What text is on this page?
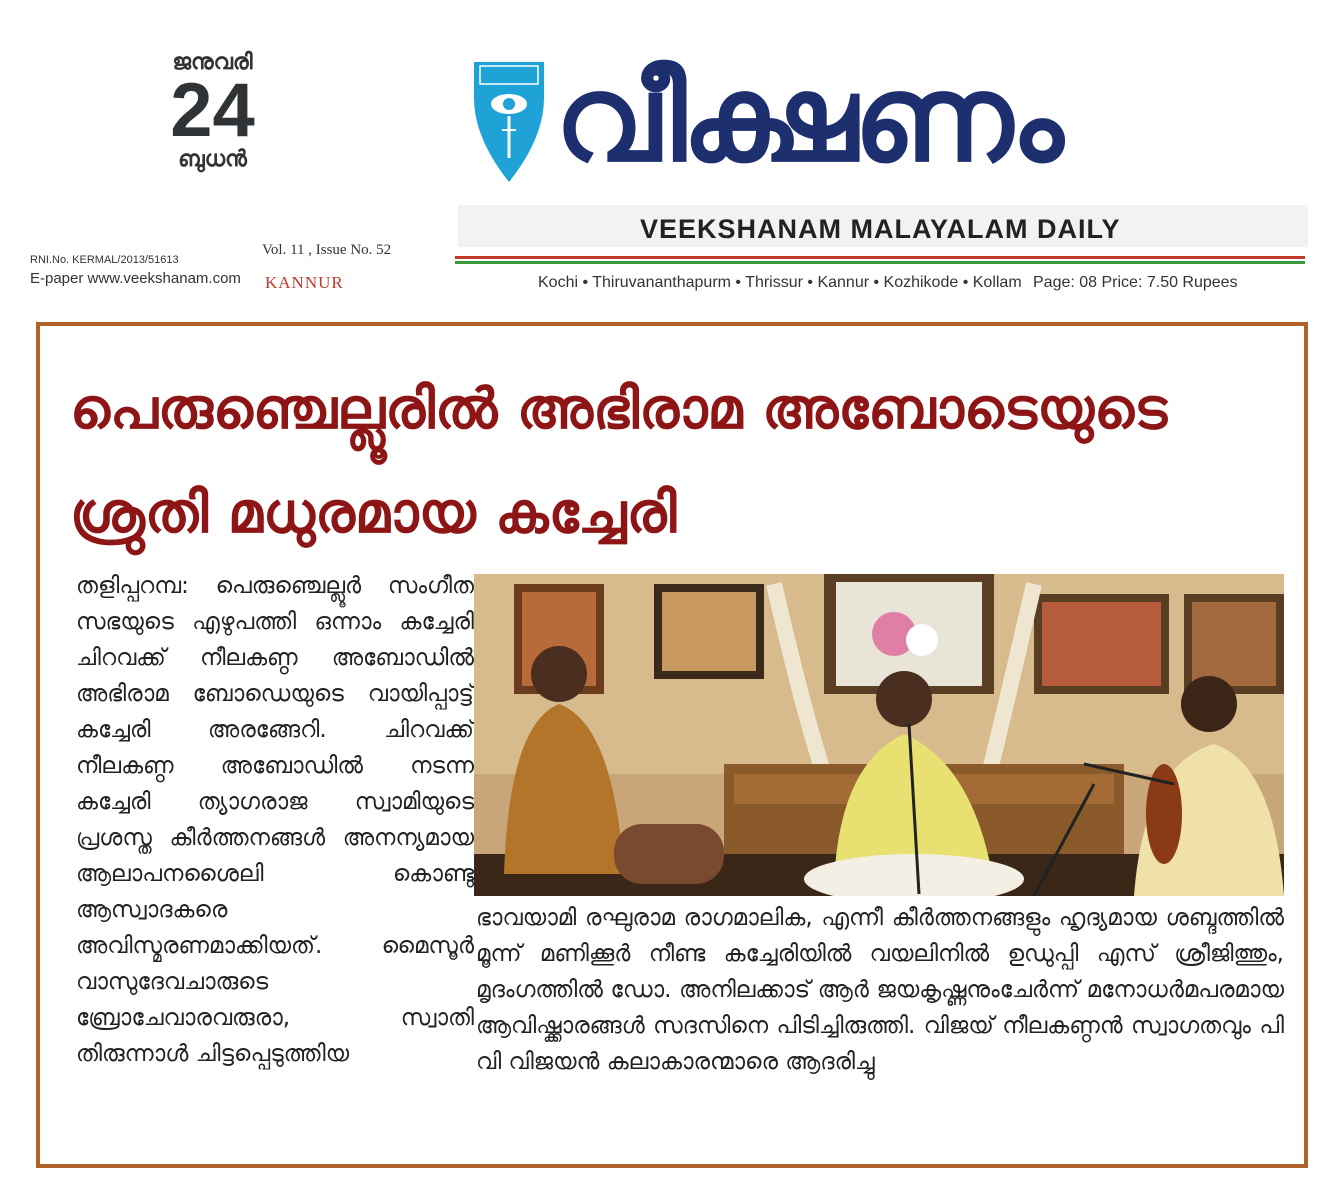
ജനുവരി
24
ബുധൻ
RNI.No. KERMAL/2013/51613
E-paper www.veekshanam.com
Vol. 11 , Issue No. 52
KANNUR
വീക്ഷണം
VEEKSHANAM MALAYALAM DAILY
Kochi • Thiruvananthapurm • Thrissur • Kannur • Kozhikode • Kollam Page: 08 Price: 7.50 Rupees
പെരുഞ്ചെല്ലൂരിൽ അഭിരാമ അബോടെയുടെ
ശ്രുതി മധുരമായ കച്ചേരി
തളിപ്പറമ്പ: പെരുഞ്ചെല്ലൂർ സംഗീത സഭയുടെ എഴുപത്തി ഒന്നാം കച്ചേരി ചിറവക്ക് നീലകണ്ഠ അബോഡിൽ അഭിരാമ ബോഡെയുടെ വായിപ്പാട്ട് കച്ചേരി അരങ്ങേറി. ചിറവക്ക് നീലകണ്ഠ അബോഡിൽ നടന്ന കച്ചേരി ത്യാഗരാജ സ്വാമിയുടെ പ്രശസ്ത കീർത്തനങ്ങൾ അനന്യമായ ആലാപനശൈലി കൊണ്ടു ആസ്വാദകരെ അവിസ്മരണമാക്കിയത്. മൈസൂർ വാസുദേവചാരുടെ ബ്രോചേവാരവരുരാ, സ്വാതി തിരുന്നാൾ ചിട്ടപ്പെടുത്തിയ
ഭാവയാമി രഘുരാമ രാഗമാലിക, എന്നീ കീർത്തനങ്ങളും ഹൃദ്യമായ ശബ്ദത്തിൽ മൂന്ന് മണിക്കൂർ നീണ്ട കച്ചേരിയിൽ വയലിനിൽ ഉഡുപ്പി എസ് ശ്രീജിത്തും, മൃദംഗത്തിൽ ഡോ. അനിലക്കാട് ആർ ജയകൃഷ്ണനുംചേർന്ന് മനോധർമപരമായ ആവിഷ്ക്കാരങ്ങൾ സദസിനെ പിടിച്ചിരുത്തി. വിജയ് നീലകണ്ഠൻ സ്വാഗതവും പി വി വിജയൻ കലാകാരന്മാരെ ആദരിച്ചു
